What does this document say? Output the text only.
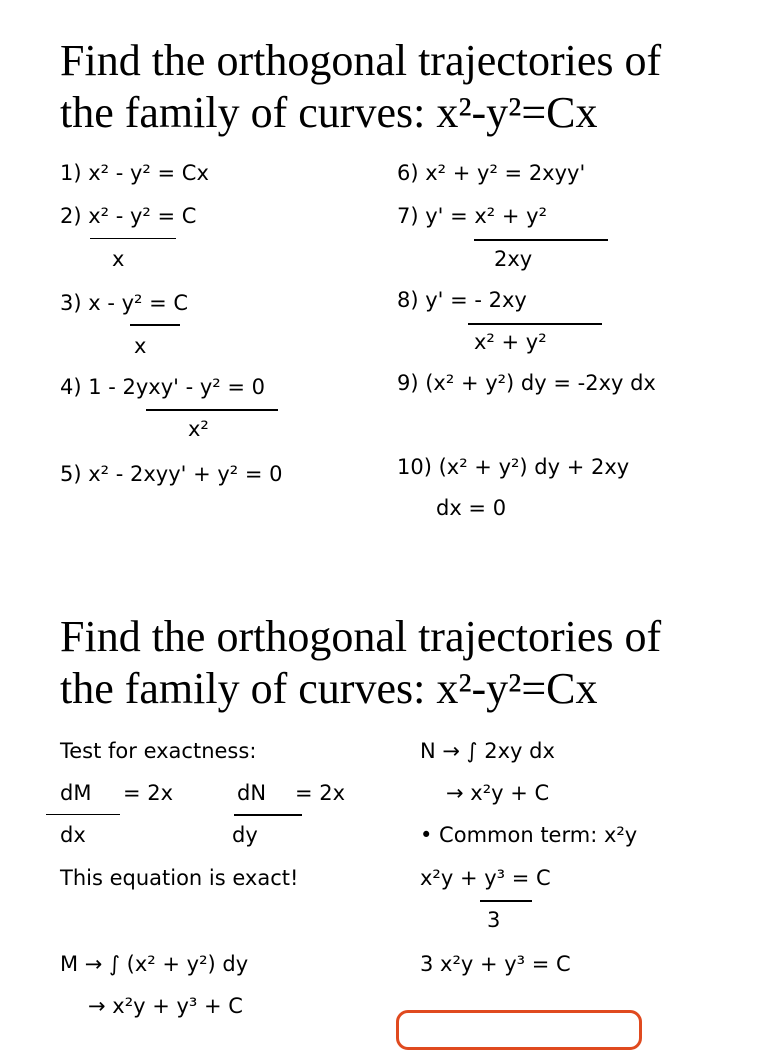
Find the orthogonal trajectories of
the family of curves: x²-y²=Cx
1) x² - y² = Cx
2) x² - y² = C
x
3) x - y² = C
x
4) 1 - 2yxy' - y² = 0
x²
5) x² - 2xyy' + y² = 0
6) x² + y² = 2xyy'
7) y' = x² + y²
2xy
8) y' = - 2xy
x² + y²
9) (x² + y²) dy = -2xy dx
10) (x² + y²) dy + 2xy
dx = 0
Find the orthogonal trajectories of
the family of curves: x²-y²=Cx
Test for exactness:
dM
dx
= 2x	dN
dy
= 2x
This equation is exact!
M → ∫ (x² + y²) dy
→ x²y + y³ + C
N → ∫ 2xy dx
→ x²y + C
• Common term: x²y
x²y + y³ = C
3
3 x²y + y³ = C
